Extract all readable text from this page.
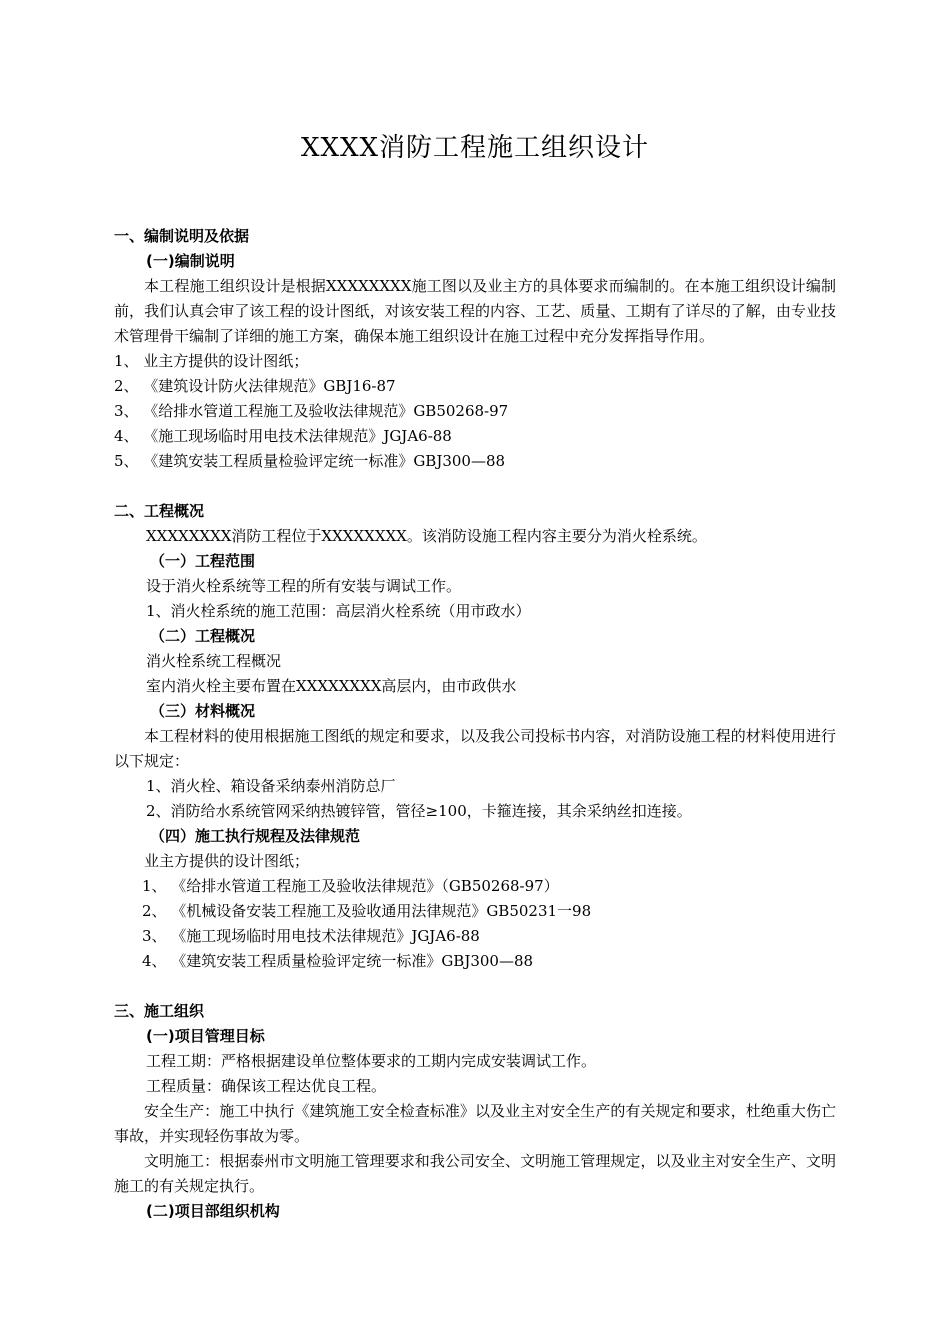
XXXX消防工程施工组织设计

一、编制说明及依据

(一)编制说明

本工程施工组织设计是根据XXXXXXXX施工图以及业主方的具体要求而编制的。在本施工组织设计编制前，我们认真会审了该工程的设计图纸，对该安装工程的内容、工艺、质量、工期有了详尽的了解，由专业技术管理骨干编制了详细的施工方案，确保本施工组织设计在施工过程中充分发挥指导作用。

1、 业主方提供的设计图纸；

2、 《建筑设计防火法律规范》GBJ16-87

3、 《给排水管道工程施工及验收法律规范》GB50268-97

4、 《施工现场临时用电技术法律规范》JGJA6-88

5、 《建筑安装工程质量检验评定统一标准》GBJ300—88

二、工程概况

XXXXXXXX消防工程位于XXXXXXXX。该消防设施工程内容主要分为消火栓系统。

（一）工程范围

设于消火栓系统等工程的所有安装与调试工作。

1、消火栓系统的施工范围：高层消火栓系统（用市政水）

（二）工程概况

消火栓系统工程概况

室内消火栓主要布置在XXXXXXXX高层内，由市政供水

（三）材料概况

本工程材料的使用根据施工图纸的规定和要求，以及我公司投标书内容，对消防设施工程的材料使用进行以下规定：

1、消火栓、箱设备采纳泰州消防总厂

2、消防给水系统管网采纳热镀锌管，管径≥100，卡箍连接，其余采纳丝扣连接。

（四）施工执行规程及法律规范

业主方提供的设计图纸；

1、 《给排水管道工程施工及验收法律规范》（GB50268-97）

2、 《机械设备安装工程施工及验收通用法律规范》GB50231一98

3、 《施工现场临时用电技术法律规范》JGJA6-88

4、 《建筑安装工程质量检验评定统一标准》GBJ300—88

三、施工组织

(一)项目管理目标

工程工期：严格根据建设单位整体要求的工期内完成安装调试工作。

工程质量：确保该工程达优良工程。

安全生产：施工中执行《建筑施工安全检查标准》以及业主对安全生产的有关规定和要求，杜绝重大伤亡事故，并实现轻伤事故为零。

文明施工：根据泰州市文明施工管理要求和我公司安全、文明施工管理规定，以及业主对安全生产、文明施工的有关规定执行。

(二)项目部组织机构
